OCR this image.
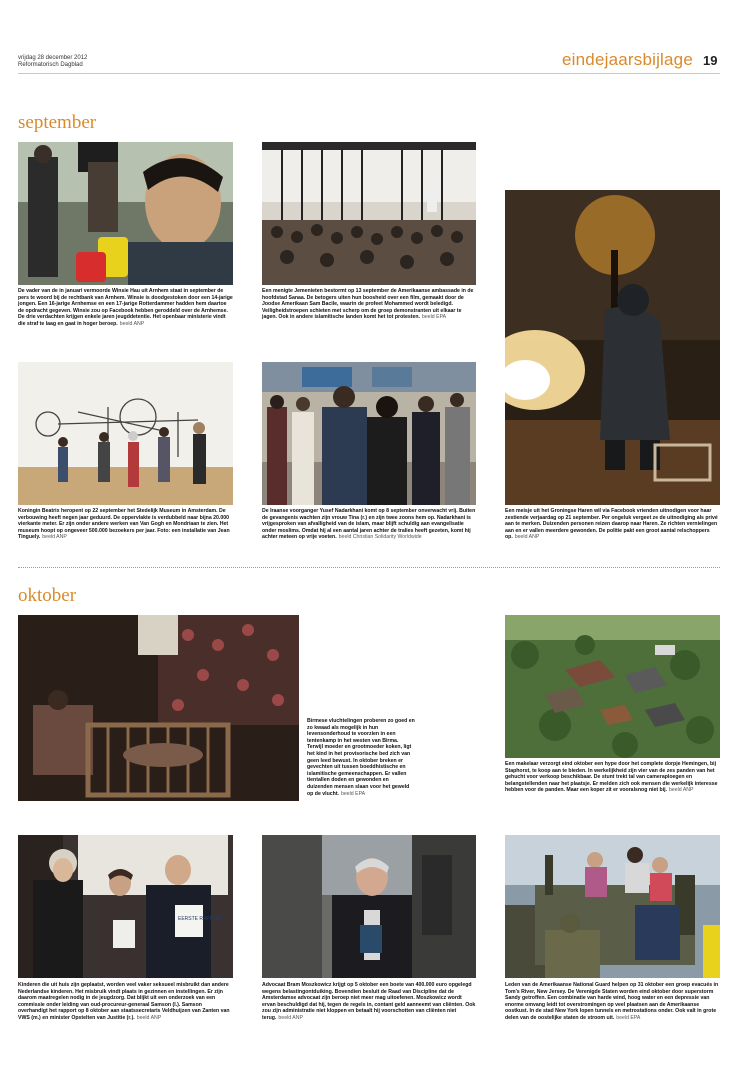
vrijdag 28 december 2012
Reformatorisch Dagblad	eindejaarsbijlage 19
september
De vader van de in januari vermoorde Winsie Hau uit Arnhem staat in september de pers te woord bij de rechtbank van Arnhem. Winsie is doodgestoken door een 14-jarige jongen. Een 16-jarige Arnhemse en een 17-jarige Rotterdammer hadden hem daartoe de opdracht gegeven. Winsie zou op Facebook hebben geroddeld over de Arnhemse. De drie verdachten krijgen enkele jaren jeugddetentie. Het openbaar ministerie vindt die straf te laag en gaat in hoger beroep. beeld ANP
Een menigte Jemenieten bestormt op 13 september de Amerikaanse ambassade in de hoofdstad Sanaa. De betogers uiten hun boosheid over een film, gemaakt door de Joodse Amerikaan Sam Bacile, waarin de profeet Mohammed wordt beledigd. Veiligheidstroepen schieten met scherp om de groep demonstranten uit elkaar te jagen. Ook in andere islamitische landen komt het tot protesten. beeld EPA
Een meisje uit het Groningse Haren wil via Facebook vrienden uitnodigen voor haar zestiende verjaardag op 21 september. Per ongeluk vergeet ze de uitnodiging als privé aan te merken. Duizenden personen reizen daarop naar Haren. Ze richten vernielingen aan en er vallen meerdere gewonden. De politie pakt een groot aantal relschoppers op. beeld ANP
Koningin Beatrix heropent op 22 september het Stedelijk Museum in Amsterdam. De verbouwing heeft negen jaar geduurd. De oppervlakte is verdubbeld naar bijna 20.000 vierkante meter. Er zijn onder andere werken van Van Gogh en Mondriaan te zien. Het museum hoopt op ongeveer 500.000 bezoekers per jaar. Foto: een installatie van Jean Tinguely. beeld ANP
De Iraanse voorganger Yusef Nadarkhani komt op 8 september onverwacht vrij. Buiten de gevangenis wachten zijn vrouw Tina (r.) en zijn twee zoons hem op. Nadarkhani is vrijgesproken van afvalligheid van de islam, maar blijft schuldig aan evangelisatie onder moslims. Omdat hij al een aantal jaren achter de tralies heeft gezeten, komt hij achter meteen op vrije voeten. beeld Christian Solidarity Worldwide
oktober
Birmese vluchtelingen proberen zo goed en zo kwaad als mogelijk in hun levensonderhoud te voorzien in een tentenkamp in het westen van Birma. Terwijl moeder en grootmoeder koken, ligt het kind in het provisorische bed zich van geen leed bewust. In oktober breken er gevechten uit tussen boeddhistische en islamitische gemeenschappen. Er vallen tientallen doden en gewonden en duizenden mensen slaan voor het geweld op de vlucht. beeld EPA
Een makelaar verzorgt eind oktober een hype door het complete dorpje Hemingen, bij Staphorst, te koop aan te bieden. In werkelijkheid zijn vier van de zes panden van het gehucht voor verkoop beschikbaar. De stunt trekt tal van cameraploegen en belangstellenden naar het plaatsje. Er melden zich ook mensen die werkelijk interesse hebben voor de panden. Maar een koper zit er vooralsnog niet bij. beeld ANP
EERSTE RAPPORT
Kinderen die uit huis zijn geplaatst, worden veel vaker seksueel misbruikt dan andere Nederlandse kinderen. Het misbruik vindt plaats in gezinnen en instellingen. Er zijn daarom maatregelen nodig in de jeugdzorg. Dat blijkt uit een onderzoek van een commissie onder leiding van oud-procureur-generaal Samson (l.). Samson overhandigt het rapport op 8 oktober aan staatssecretaris Veldhuijzen van Zanten van VWS (m.) en minister Opstelten van Justitie (r.). beeld ANP
Advocaat Bram Moszkowicz krijgt op 5 oktober een boete van 400.000 euro opgelegd wegens belastingontduiking. Bovendien besluit de Raad van Discipline dat de Amsterdamse advocaat zijn beroep niet meer mag uitoefenen. Moszkowicz wordt ervan beschuldigd dat hij, tegen de regels in, contant geld aanneemt van cliënten. Ook zou zijn administratie niet kloppen en betaalt hij voorschotten van cliënten niet terug. beeld ANP
Leden van de Amerikaanse National Guard helpen op 31 oktober een groep evacués in Tom's River, New Jersey. De Verenigde Staten worden eind oktober door superstorm Sandy getroffen. Een combinatie van harde wind, hoog water en een depressie van enorme omvang leidt tot overstromingen op veel plaatsen aan de Amerikaanse oostkust. In de stad New York lopen tunnels en metrostations onder. Ook valt in grote delen van de oostelijke staten de stroom uit. beeld EPA
